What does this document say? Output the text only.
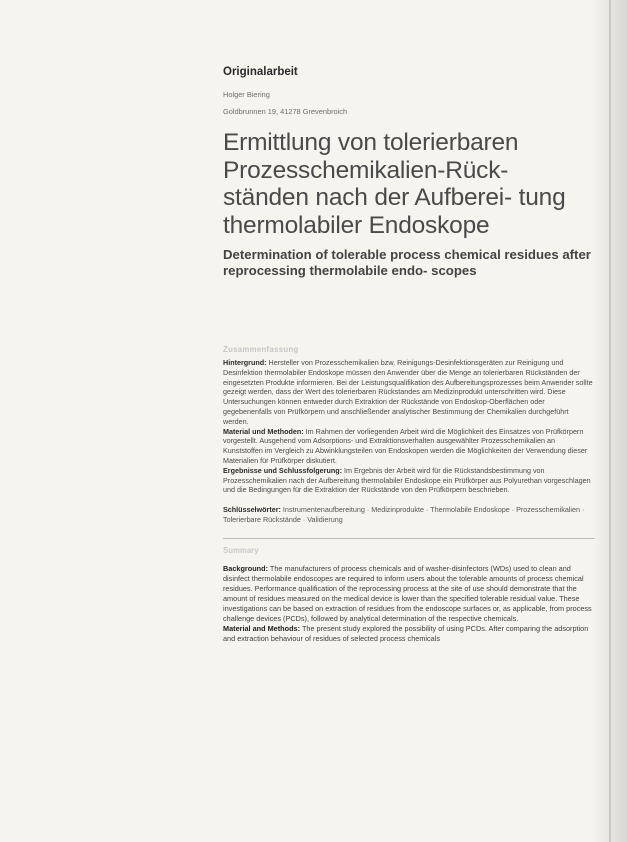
Originalarbeit
Holger Biering
Goldbrunnen 19, 41278 Grevenbroich
Ermittlung von tolerierbaren Prozesschemikalien-Rück- ständen nach der Aufberei- tung thermolabiler Endoskope
Determination of tolerable process chemical residues after reprocessing thermolabile endo- scopes
Zusammenfassung

Hintergrund: Hersteller von Prozesschemikalien bzw. Reinigungs-Desinfektionsgeräten zur Reinigung und Desinfektion thermolabiler Endoskope müssen den Anwender über die Menge an tolerierbaren Rückständen der eingesetzten Produkte informieren. Bei der Leistungsqualifikation des Aufbereitungsprozesses beim Anwender sollte gezeigt werden, dass der Wert des tolerierbaren Rückstandes am Medizinprodukt unterschritten wird. Diese Untersuchungen können entweder durch Extraktion der Rückstände von Endoskop-Oberflächen oder gegebenenfalls von Prüfkörpern und anschließender analytischer Bestimmung der Chemikalien durchgeführt werden.

Material und Methoden: Im Rahmen der vorliegenden Arbeit wird die Möglichkeit des Einsatzes von Prüfkörpern vorgestellt. Ausgehend vom Adsorptions- und Extraktionsverhalten ausgewählter Prozesschemikalien an Kunststoffen im Vergleich zu Abwinklungsteilen von Endoskopen werden die Möglichkeiten der Verwendung dieser Materialien für Prüfkörper diskutiert.

Ergebnisse und Schlussfolgerung: Im Ergebnis der Arbeit wird für die Rückstandsbestimmung von Prozesschemikalien nach der Aufbereitung thermolabiler Endoskope ein Prüfkörper aus Polyurethan vorgeschlagen und die Bedingungen für die Extraktion der Rückstände von den Prüfkörpern beschrieben.

Schlüsselwörter: Instrumentenaufbereitung · Medizinprodukte · Thermolabile Endoskope · Prozesschemikalien · Tolerierbare Rückstände · Validierung
Summary

Background: The manufacturers of process chemicals and of washer-disinfectors (WDs) used to clean and disinfect thermolabile endoscopes are required to inform users about the tolerable amounts of process chemical residues. Performance qualification of the reprocessing process at the site of use should demonstrate that the amount of residues measured on the medical device is lower than the specified tolerable residual value. These investigations can be based on extraction of residues from the endoscope surfaces or, as applicable, from process challenge devices (PCDs), followed by analytical determination of the respective chemicals.

Material and Methods: The present study explored the possibility of using PCDs. After comparing the adsorption and extraction behaviour of residues of selected process chemicals
